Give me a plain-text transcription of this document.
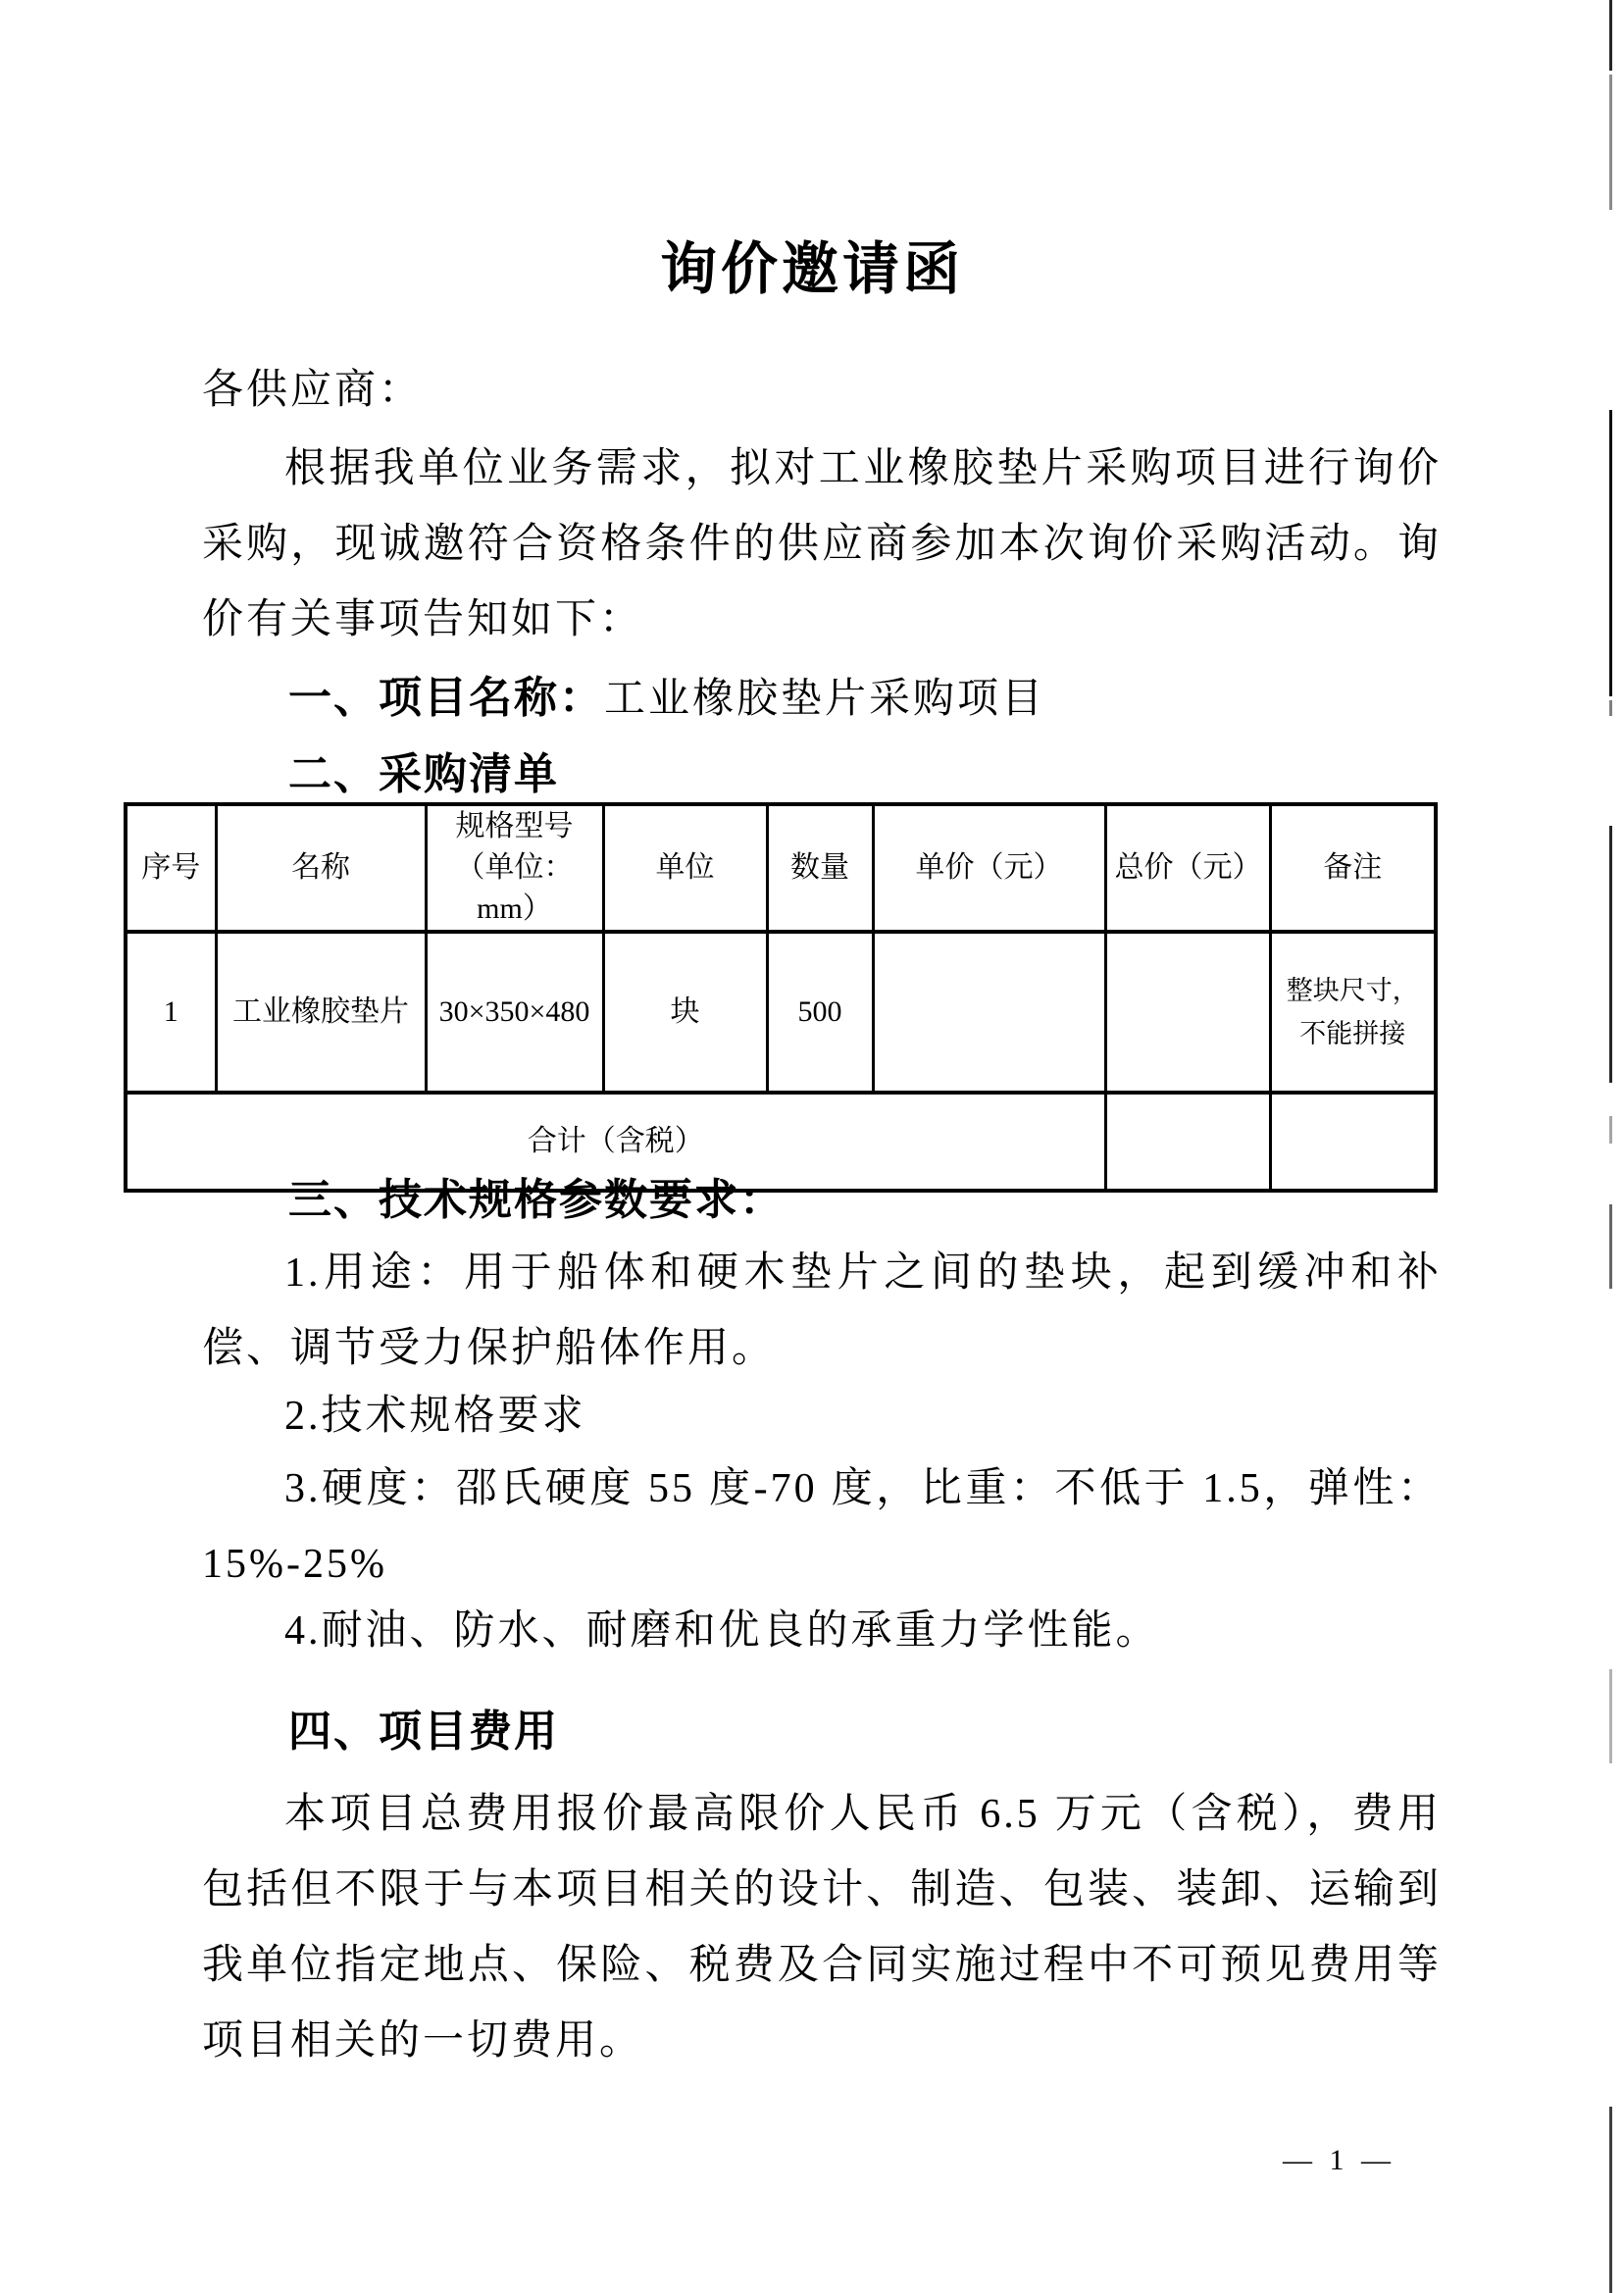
询价邀请函
各供应商：
根据我单位业务需求，拟对工业橡胶垫片采购项目进行询价采购，现诚邀符合资格条件的供应商参加本次询价采购活动。询价有关事项告知如下：
一、项目名称：工业橡胶垫片采购项目
二、采购清单
序号	名称	规格型号（单位：mm）	单位	数量	单价（元）	总价（元）	备注
1	工业橡胶垫片	30×350×480	块	500			整块尺寸，不能拼接
合计（含税）							
三、技术规格参数要求：
1.用途：用于船体和硬木垫片之间的垫块，起到缓冲和补偿、调节受力保护船体作用。
2.技术规格要求
3.硬度：邵氏硬度 55 度-70 度，比重：不低于 1.5，弹性：15%-25%
4.耐油、防水、耐磨和优良的承重力学性能。
四、项目费用
本项目总费用报价最高限价人民币 6.5 万元（含税），费用包括但不限于与本项目相关的设计、制造、包装、装卸、运输到我单位指定地点、保险、税费及合同实施过程中不可预见费用等项目相关的一切费用。
— 1 —
